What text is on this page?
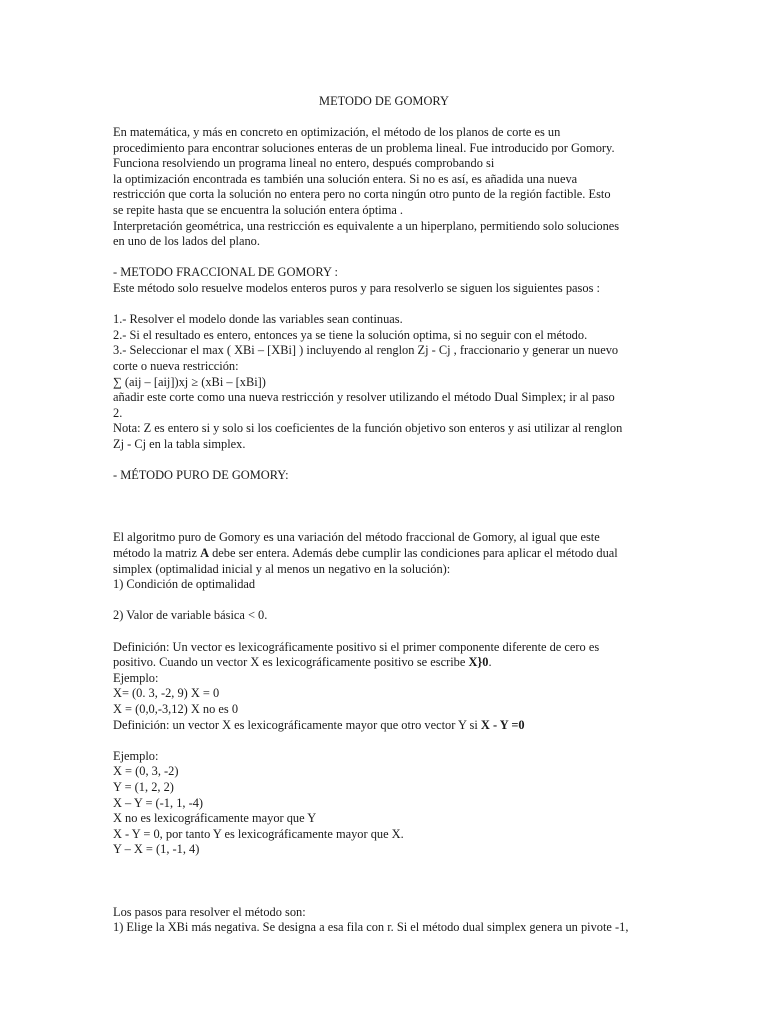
METODO DE GOMORY
En matemática, y más en concreto en optimización, el método de los planos de corte es un
procedimiento para encontrar soluciones enteras de un problema lineal. Fue introducido por Gomory.
Funciona resolviendo un programa lineal no entero, después comprobando si
la optimización encontrada es también una solución entera. Si no es así, es añadida una nueva
restricción que corta la solución no entera pero no corta ningún otro punto de la región factible. Esto
se repite hasta que se encuentra la solución entera óptima .
Interpretación geométrica, una restricción es equivalente a un hiperplano, permitiendo solo soluciones
en uno de los lados del plano.
- METODO FRACCIONAL DE GOMORY :
Este método solo resuelve modelos enteros puros y para resolverlo se siguen los siguientes pasos :
1.- Resolver el modelo donde las variables sean continuas.
2.- Si el resultado es entero, entonces ya se tiene la solución optima, si no seguir con el método.
3.- Seleccionar el max ( XBi – [XBi] ) incluyendo al renglon Zj - Cj , fraccionario y generar un nuevo
corte o nueva restricción:
∑ (aij – [aij])xj ≥ (xBi – [xBi])
añadir este corte como una nueva restricción y resolver utilizando el método Dual Simplex; ir al paso
2.
Nota: Z es entero si y solo si los coeficientes de la función objetivo son enteros y asi utilizar al renglon
Zj - Cj en la tabla simplex.
- MÉTODO PURO DE GOMORY:
El algoritmo puro de Gomory es una variación del método fraccional de Gomory, al igual que este
método la matriz A debe ser entera. Además debe cumplir las condiciones para aplicar el método dual
simplex (optimalidad inicial y al menos un negativo en la solución):
1) Condición de optimalidad
2) Valor de variable básica < 0.
Definición: Un vector es lexicográficamente positivo si el primer componente diferente de cero es
positivo. Cuando un vector X es lexicográficamente positivo se escribe X}0.
Ejemplo:
X= (0. 3, -2, 9) X = 0
X = (0,0,-3,12) X no es 0
Definición: un vector X es lexicográficamente mayor que otro vector Y si X - Y =0
Ejemplo:
X = (0, 3, -2)
Y = (1, 2, 2)
X – Y = (-1, 1, -4)
X no es lexicográficamente mayor que Y
X - Y = 0, por tanto Y es lexicográficamente mayor que X.
Y – X = (1, -1, 4)
Los pasos para resolver el método son:
1) Elige la XBi más negativa. Se designa a esa fila con r. Si el método dual simplex genera un pivote -1,
